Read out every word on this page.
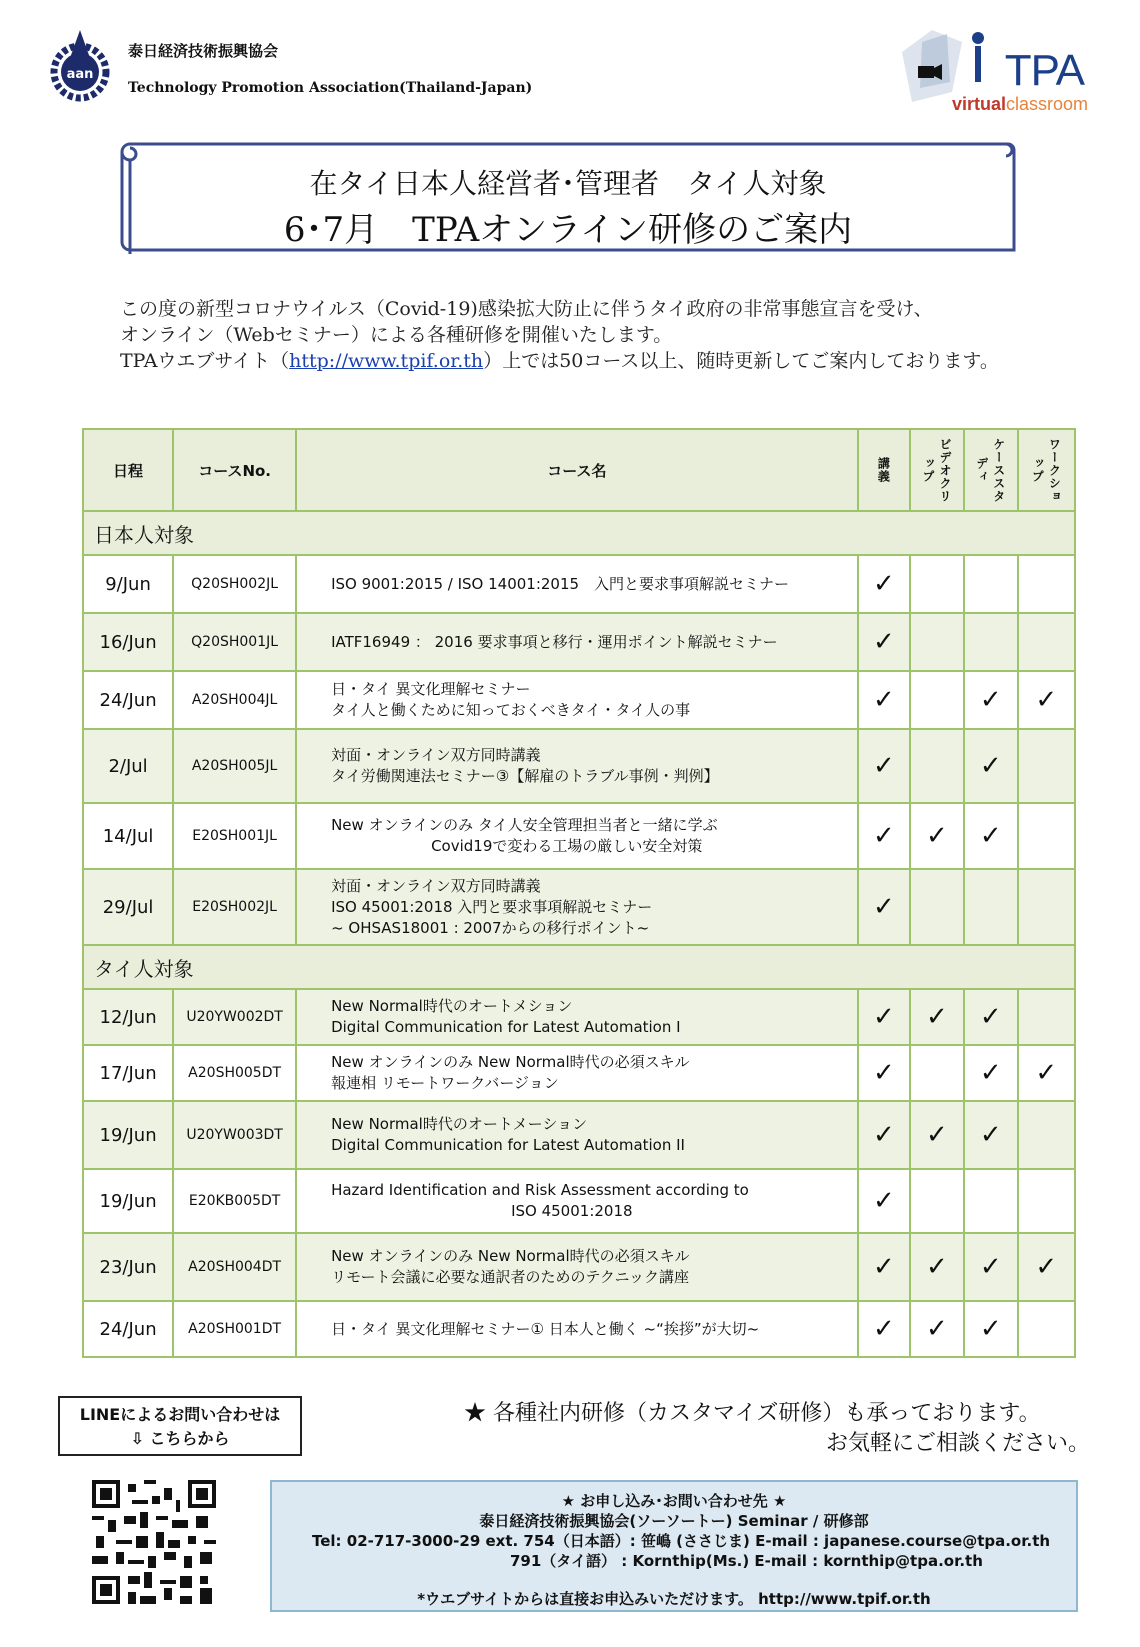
aan
泰日経済技術振興協会
Technology Promotion Association(Thailand-Japan)	TPA
virtualclassroom
在タイ日本人経営者･管理者　タイ人対象
6･7月　TPAオンライン研修のご案内
この度の新型コロナウイルス（Covid-19)感染拡大防止に伴うタイ政府の非常事態宣言を受け、
オンライン（Webセミナー）による各種研修を開催いたします。
TPAウエブサイト（http://www.tpif.or.th）上では50コース以上、随時更新してご案内しております。
日程	コースNo.	コース名	講義	ビデオクリップ	ケーススタディ	ワークショップ
日本人対象						
9/Jun	Q20SH002JL	ISO 9001:2015 / ISO 14001:2015　入門と要求事項解説セミナー	✓			
16/Jun	Q20SH001JL	IATF16949 ： 2016 要求事項と移行・運用ポイント解説セミナー	✓			
24/Jun	A20SH004JL	日・タイ 異文化理解セミナー
タイ人と働くために知っておくべきタイ・タイ人の事	✓		✓	✓
2/Jul	A20SH005JL	対面・オンライン双方同時講義
タイ労働関連法セミナー③【解雇のトラブル事例・判例】	✓		✓	
14/Jul	E20SH001JL	New オンラインのみ タイ人安全管理担当者と一緒に学ぶ
Covid19で変わる工場の厳しい安全対策	✓	✓	✓	
29/Jul	E20SH002JL	対面・オンライン双方同時講義
ISO 45001:2018 入門と要求事項解説セミナー
~ OHSAS18001 : 2007からの移行ポイント~	✓			
タイ人対象						
12/Jun	U20YW002DT	New Normal時代のオートメション
Digital Communication for Latest Automation I	✓	✓	✓	
17/Jun	A20SH005DT	New オンラインのみ New Normal時代の必須スキル
報連相 リモートワークバージョン	✓		✓	✓
19/Jun	U20YW003DT	New Normal時代のオートメーション
Digital Communication for Latest Automation II	✓	✓	✓	
19/Jun	E20KB005DT	Hazard Identification and Risk Assessment according to
ISO 45001:2018	✓			
23/Jun	A20SH004DT	New オンラインのみ New Normal時代の必須スキル
リモート会議に必要な通訳者のためのテクニック講座	✓	✓	✓	✓
24/Jun	A20SH001DT	日・タイ 異文化理解セミナー① 日本人と働く ~“挨拶”が大切~	✓	✓	✓	
LINEによるお問い合わせは
⇩ こちらから
★ 各種社内研修（カスタマイズ研修）も承っております。
お気軽にご相談ください。
★ お申し込み･お問い合わせ先 ★
泰日経済技術振興協会(ソーソートー) Seminar / 研修部
Tel: 02-717-3000-29 ext. 754（日本語）: 笹嶋 (ささじま) E-mail : japanese.course@tpa.or.th
791（タイ語） : Kornthip(Ms.) E-mail : kornthip@tpa.or.th
*ウエブサイトからは直接お申込みいただけます。 http://www.tpif.or.th
